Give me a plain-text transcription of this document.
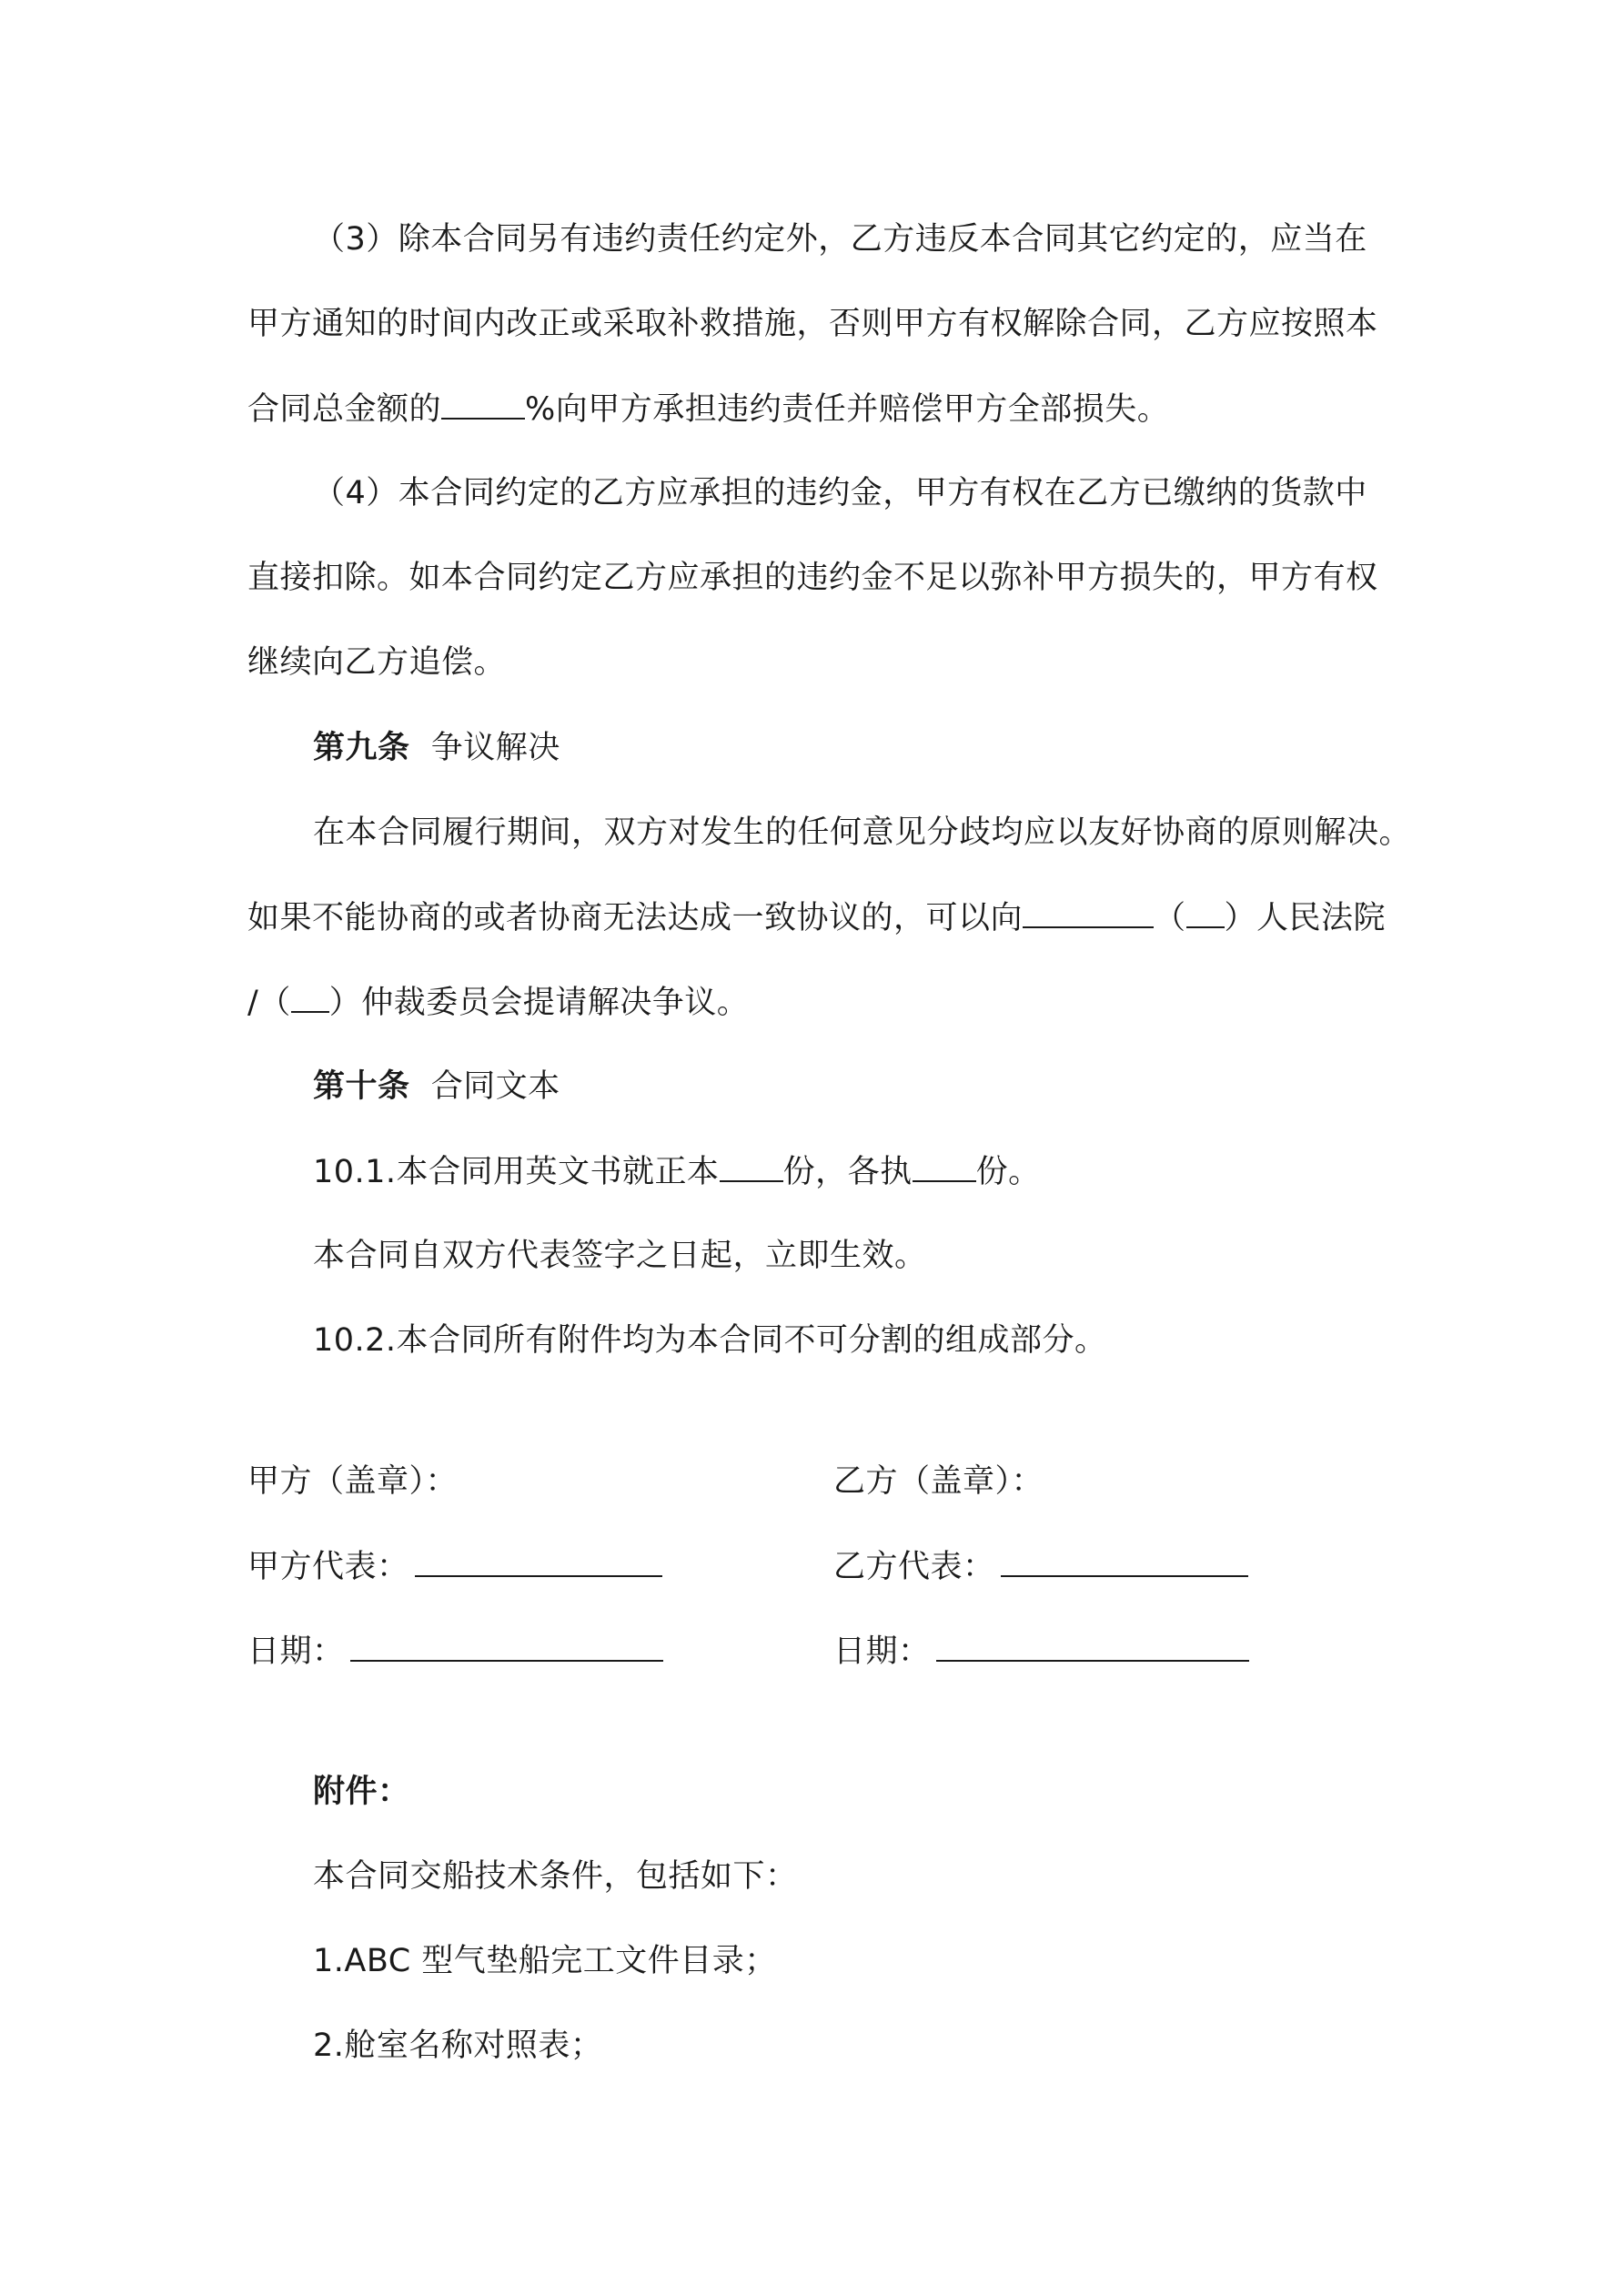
（3）除本合同另有违约责任约定外，乙方违反本合同其它约定的，应当在
甲方通知的时间内改正或采取补救措施，否则甲方有权解除合同，乙方应按照本
合同总金额的	%向甲方承担违约责任并赔偿甲方全部损失。
（4）本合同约定的乙方应承担的违约金，甲方有权在乙方已缴纳的货款中
直接扣除。如本合同约定乙方应承担的违约金不足以弥补甲方损失的，甲方有权
继续向乙方追偿。
第九条 争议解决
在本合同履行期间，双方对发生的任何意见分歧均应以友好协商的原则解决。
如果不能协商的或者协商无法达成一致协议的，可以向	（ ）人民法院
/（ ）仲裁委员会提请解决争议。
第十条 合同文本
10.1.本合同用英文书就正本 份，各执 份。
本合同自双方代表签字之日起，立即生效。
10.2.本合同所有附件均为本合同不可分割的组成部分。
甲方（盖章）：	乙方（盖章）：
甲方代表：	乙方代表：
日期：	日期：
附件：
本合同交船技术条件，包括如下：
1.ABC 型气垫船完工文件目录；
2.舱室名称对照表；
